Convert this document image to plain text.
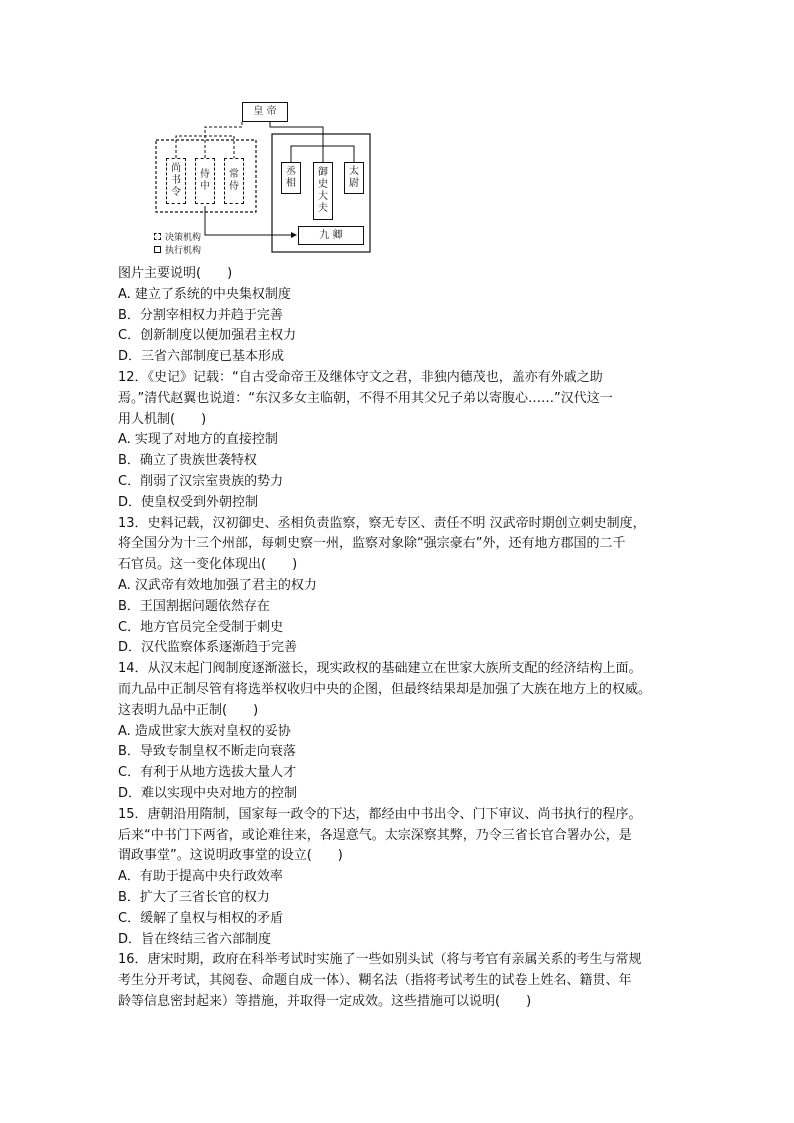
皇 帝
尚书令
侍中
常侍
丞相
御史大夫
太尉
九 卿
决策机构
执行机构
图片主要说明(　　)
A. 建立了系统的中央集权制度
B．分割宰相权力并趋于完善
C．创新制度以便加强君主权力
D．三省六部制度已基本形成
12．《史记》记载：“自古受命帝王及继体守文之君，非独内德茂也，盖亦有外戚之助
焉。”清代赵翼也说道：“东汉多女主临朝，不得不用其父兄子弟以寄腹心……”汉代这一
用人机制(　　)
A. 实现了对地方的直接控制
B．确立了贵族世袭特权
C．削弱了汉宗室贵族的势力
D．使皇权受到外朝控制
13．史料记载，汉初御史、丞相负责监察，察无专区、责任不明 汉武帝时期创立刺史制度，
将全国分为十三个州部，每刺史察一州，监察对象除“强宗豪右”外，还有地方郡国的二千
石官员。这一变化体现出(　　)
A. 汉武帝有效地加强了君主的权力
B．王国割据问题依然存在
C．地方官员完全受制于刺史
D．汉代监察体系逐渐趋于完善
14．从汉末起门阀制度逐渐滋长，现实政权的基础建立在世家大族所支配的经济结构上面。
而九品中正制尽管有将选举权收归中央的企图，但最终结果却是加强了大族在地方上的权威。
这表明九品中正制(　　)
A. 造成世家大族对皇权的妥协
B．导致专制皇权不断走向衰落
C．有利于从地方选拔大量人才
D．难以实现中央对地方的控制
15．唐朝沿用隋制，国家每一政令的下达，都经由中书出令、门下审议、尚书执行的程序。
后来“中书门下两省，或论难往来，各逞意气。太宗深察其弊，乃令三省长官合署办公，是
谓政事堂”。这说明政事堂的设立(　　)
A．有助于提高中央行政效率
B．扩大了三省长官的权力
C．缓解了皇权与相权的矛盾
D．旨在终结三省六部制度
16．唐宋时期，政府在科举考试时实施了一些如别头试（将与考官有亲属关系的考生与常规
考生分开考试，其阅卷、命题自成一体）、糊名法（指将考试考生的试卷上姓名、籍贯、年
龄等信息密封起来）等措施，并取得一定成效。这些措施可以说明(　　)
